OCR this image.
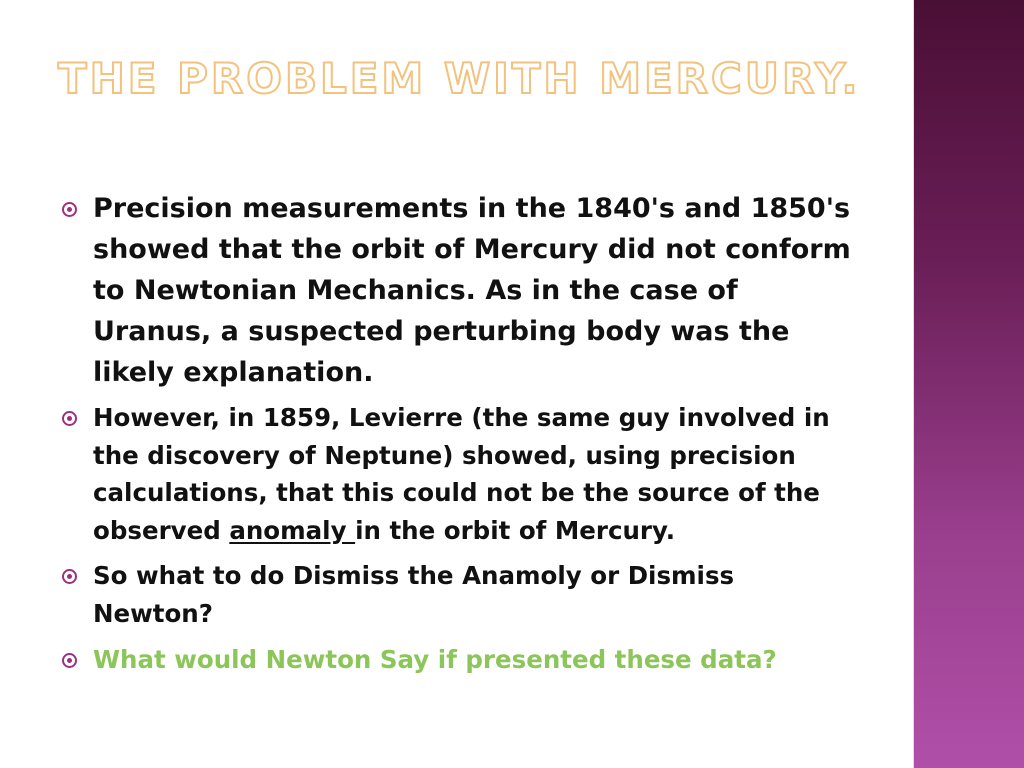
THE PROBLEM WITH MERCURY.
Precision measurements in the 1840's and 1850's showed that the orbit of Mercury did not conform to Newtonian Mechanics. As in the case of Uranus, a suspected perturbing body was the likely explanation.
However, in 1859, Levierre (the same guy involved in the discovery of Neptune) showed, using precision calculations, that this could not be the source of the observed anomaly in the orbit of Mercury.
So what to do Dismiss the Anamoly or Dismiss Newton?
What would Newton Say if presented these data?
